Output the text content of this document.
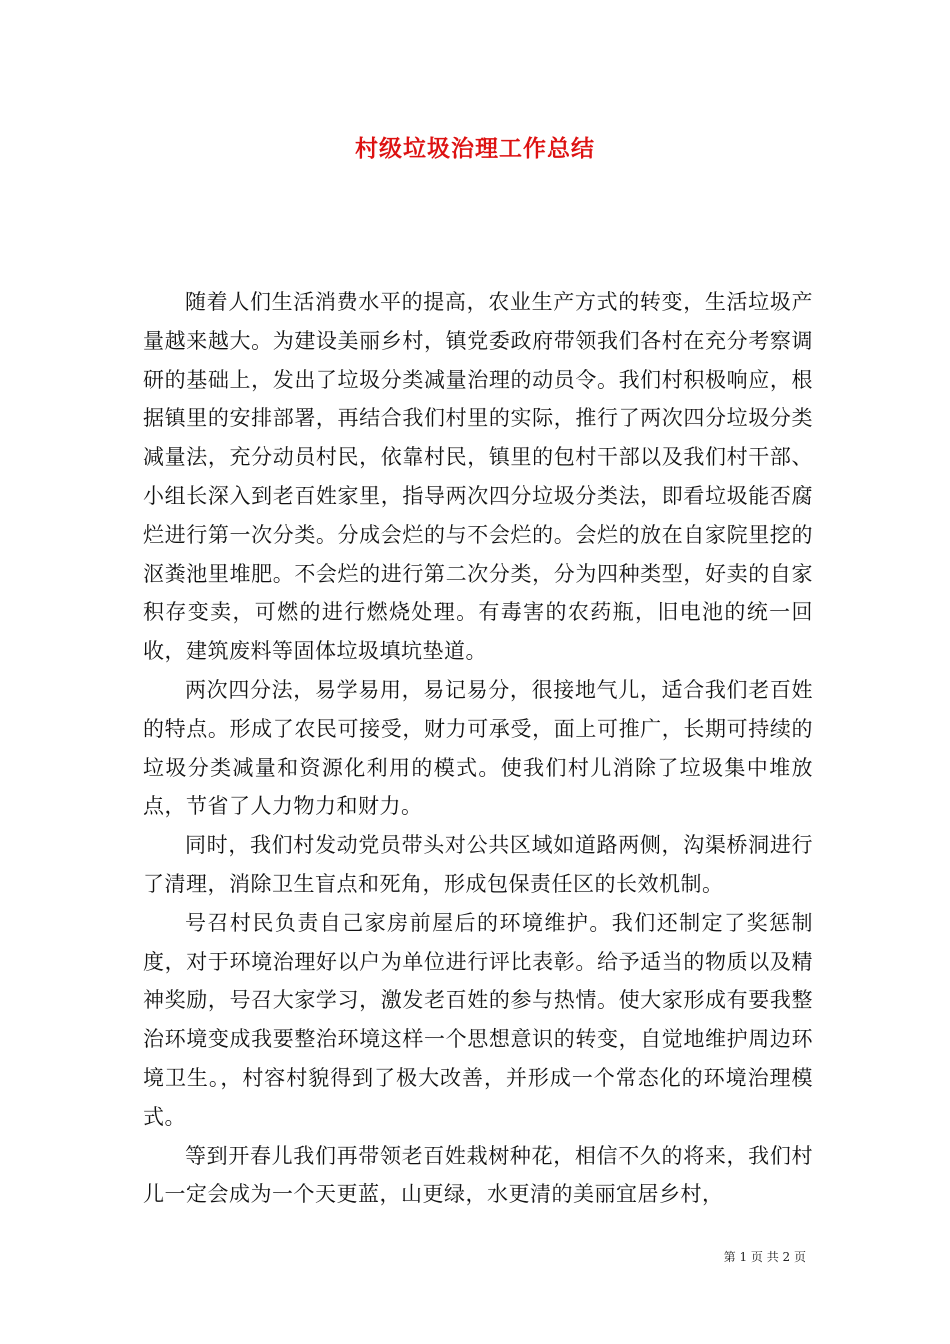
村级垃圾治理工作总结

随着人们生活消费水平的提高，农业生产方式的转变，生活垃圾产量越来越大。为建设美丽乡村，镇党委政府带领我们各村在充分考察调研的基础上，发出了垃圾分类减量治理的动员令。我们村积极响应，根据镇里的安排部署，再结合我们村里的实际，推行了两次四分垃圾分类减量法，充分动员村民，依靠村民，镇里的包村干部以及我们村干部、小组长深入到老百姓家里，指导两次四分垃圾分类法，即看垃圾能否腐烂进行第一次分类。分成会烂的与不会烂的。会烂的放在自家院里挖的沤粪池里堆肥。不会烂的进行第二次分类，分为四种类型，好卖的自家积存变卖，可燃的进行燃烧处理。有毒害的农药瓶，旧电池的统一回收，建筑废料等固体垃圾填坑垫道。

两次四分法，易学易用，易记易分，很接地气儿，适合我们老百姓的特点。形成了农民可接受，财力可承受，面上可推广，长期可持续的垃圾分类减量和资源化利用的模式。使我们村儿消除了垃圾集中堆放点，节省了人力物力和财力。

同时，我们村发动党员带头对公共区域如道路两侧，沟渠桥洞进行了清理，消除卫生盲点和死角，形成包保责任区的长效机制。

号召村民负责自己家房前屋后的环境维护。我们还制定了奖惩制度，对于环境治理好以户为单位进行评比表彰。给予适当的物质以及精神奖励，号召大家学习，激发老百姓的参与热情。使大家形成有要我整治环境变成我要整治环境这样一个思想意识的转变，自觉地维护周边环境卫生。，村容村貌得到了极大改善，并形成一个常态化的环境治理模式。

等到开春儿我们再带领老百姓栽树种花，相信不久的将来，我们村儿一定会成为一个天更蓝，山更绿，水更清的美丽宜居乡村，

第 1 页 共 2 页
